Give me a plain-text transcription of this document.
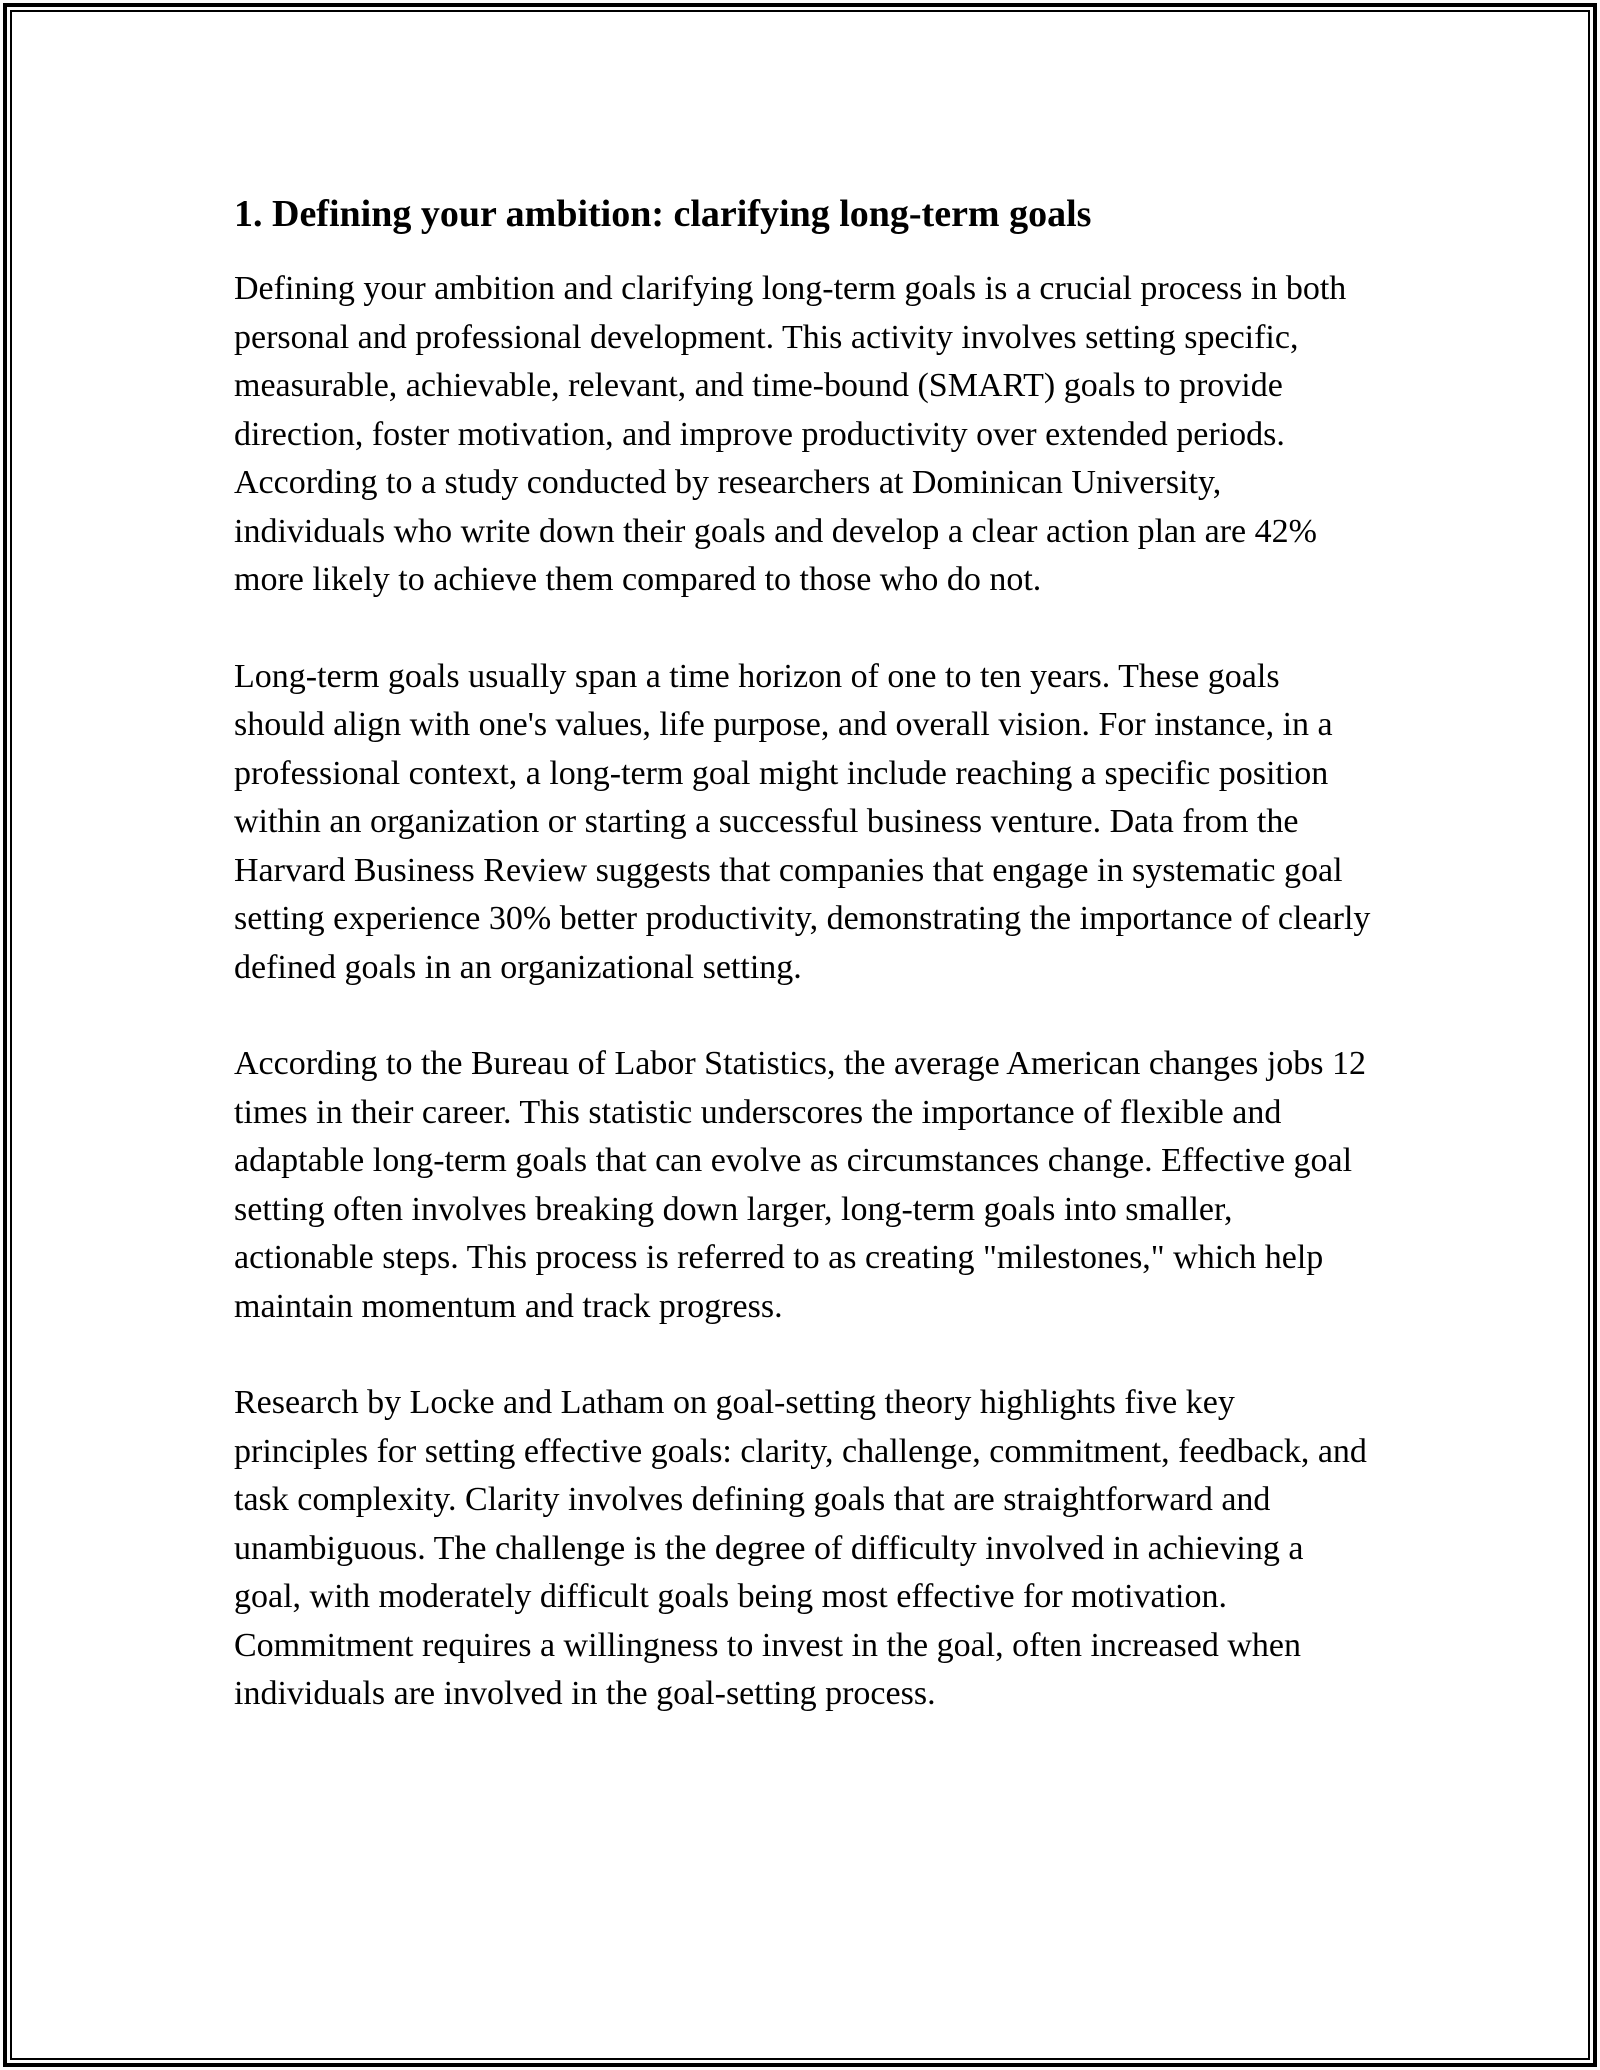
1. Defining your ambition: clarifying long-term goals

Defining your ambition and clarifying long-term goals is a crucial process in both personal and professional development. This activity involves setting specific, measurable, achievable, relevant, and time-bound (SMART) goals to provide direction, foster motivation, and improve productivity over extended periods. According to a study conducted by researchers at Dominican University, individuals who write down their goals and develop a clear action plan are 42% more likely to achieve them compared to those who do not.

Long-term goals usually span a time horizon of one to ten years. These goals should align with one's values, life purpose, and overall vision. For instance, in a professional context, a long-term goal might include reaching a specific position within an organization or starting a successful business venture. Data from the Harvard Business Review suggests that companies that engage in systematic goal setting experience 30% better productivity, demonstrating the importance of clearly defined goals in an organizational setting.

According to the Bureau of Labor Statistics, the average American changes jobs 12 times in their career. This statistic underscores the importance of flexible and adaptable long-term goals that can evolve as circumstances change. Effective goal setting often involves breaking down larger, long-term goals into smaller, actionable steps. This process is referred to as creating "milestones," which help maintain momentum and track progress.

Research by Locke and Latham on goal-setting theory highlights five key principles for setting effective goals: clarity, challenge, commitment, feedback, and task complexity. Clarity involves defining goals that are straightforward and unambiguous. The challenge is the degree of difficulty involved in achieving a goal, with moderately difficult goals being most effective for motivation. Commitment requires a willingness to invest in the goal, often increased when individuals are involved in the goal-setting process.
